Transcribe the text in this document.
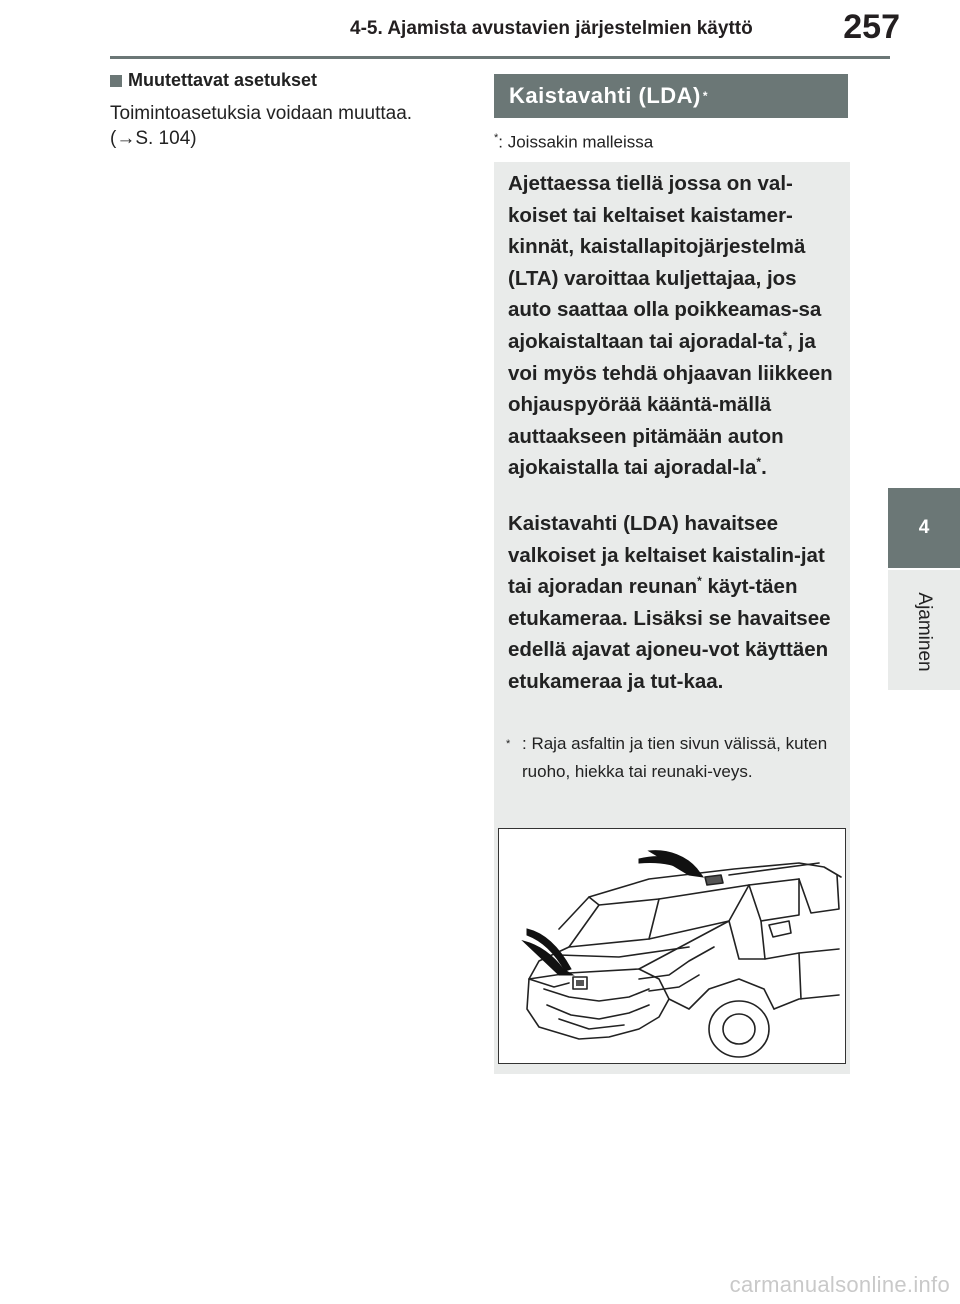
4-5. Ajamista avustavien järjestelmien käyttö	257
4
Ajaminen
Muutettavat asetukset
Toimintoasetuksia voidaan muuttaa.
(→S. 104)
Kaistavahti (LDA) *
*: Joissakin malleissa
Ajettaessa tiellä jossa on val-koiset tai keltaiset kaistamer-kinnät, kaistallapitojärjestelmä (LTA) varoittaa kuljettajaa, jos auto saattaa olla poikkeamas-sa ajokaistaltaan tai ajoradal-ta*, ja voi myös tehdä ohjaavan liikkeen ohjauspyörää kääntä-mällä auttaakseen pitämään auton ajokaistalla tai ajoradal-la*.
Kaistavahti (LDA) havaitsee valkoiset ja keltaiset kaistalin-jat tai ajoradan reunan* käyt-täen etukameraa. Lisäksi se havaitsee edellä ajavat ajoneu-vot käyttäen etukameraa ja tut-kaa.
* : Raja asfaltin ja tien sivun välissä, kuten ruoho, hiekka tai reunaki-veys.
carmanualsonline.info
